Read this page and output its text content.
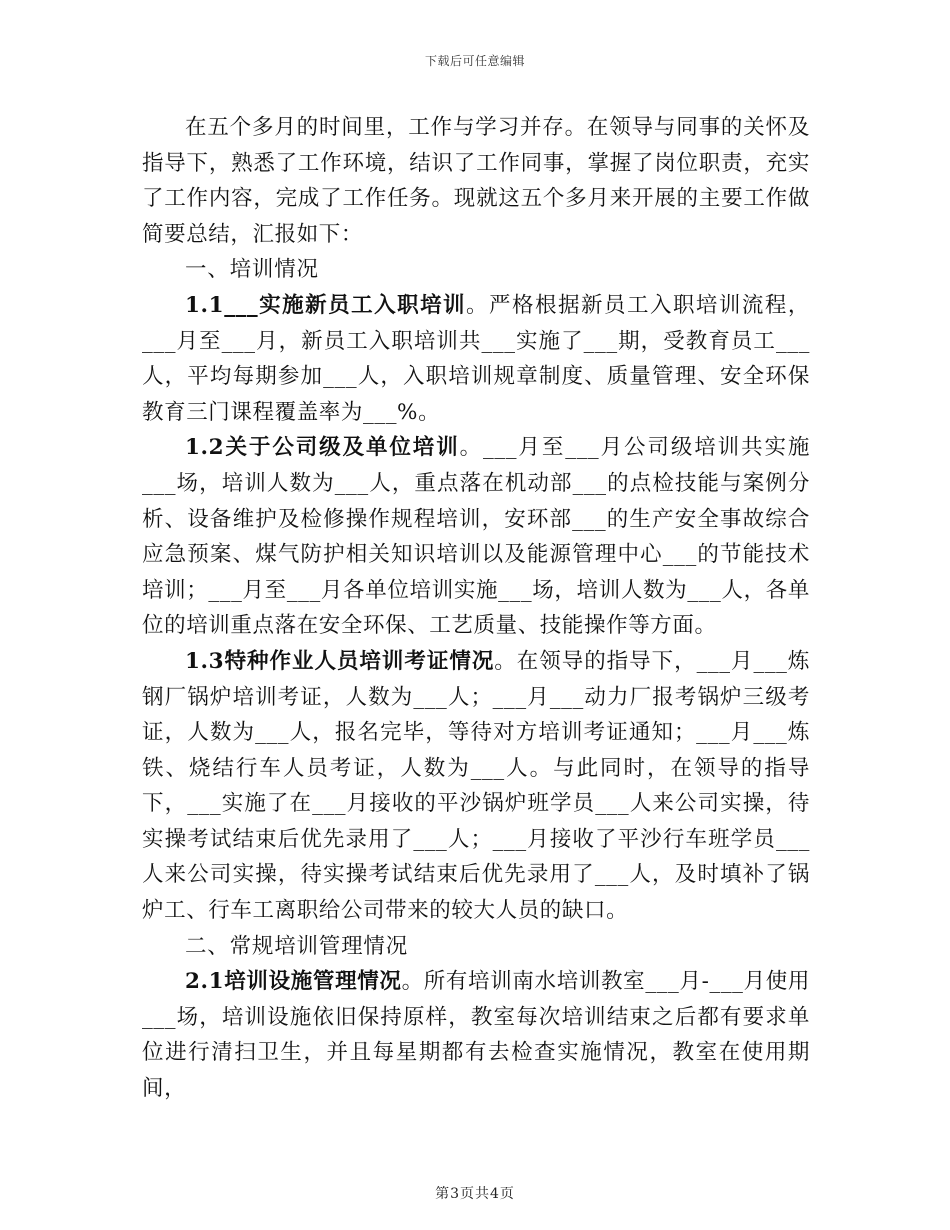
下载后可任意编辑

在五个多月的时间里，工作与学习并存。在领导与同事的关怀及指导下，熟悉了工作环境，结识了工作同事，掌握了岗位职责，充实了工作内容，完成了工作任务。现就这五个多月来开展的主要工作做简要总结，汇报如下：

一、培训情况

1.1___实施新员工入职培训。严格根据新员工入职培训流程，___月至___月，新员工入职培训共___实施了___期，受教育员工___人，平均每期参加___人，入职培训规章制度、质量管理、安全环保教育三门课程覆盖率为___%。

1.2关于公司级及单位培训。___月至___月公司级培训共实施___场，培训人数为___人，重点落在机动部___的点检技能与案例分析、设备维护及检修操作规程培训，安环部___的生产安全事故综合应急预案、煤气防护相关知识培训以及能源管理中心___的节能技术培训；___月至___月各单位培训实施___场，培训人数为___人，各单位的培训重点落在安全环保、工艺质量、技能操作等方面。

1.3特种作业人员培训考证情况。在领导的指导下，___月___炼钢厂锅炉培训考证，人数为___人；___月___动力厂报考锅炉三级考证，人数为___人，报名完毕，等待对方培训考证通知；___月___炼铁、烧结行车人员考证，人数为___人。与此同时，在领导的指导下，___实施了在___月接收的平沙锅炉班学员___人来公司实操，待实操考试结束后优先录用了___人；___月接收了平沙行车班学员___人来公司实操，待实操考试结束后优先录用了___人，及时填补了锅炉工、行车工离职给公司带来的较大人员的缺口。

二、常规培训管理情况

2.1培训设施管理情况。所有培训南水培训教室___月-___月使用___场，培训设施依旧保持原样，教室每次培训结束之后都有要求单位进行清扫卫生，并且每星期都有去检查实施情况，教室在使用期间，

第3页共4页
